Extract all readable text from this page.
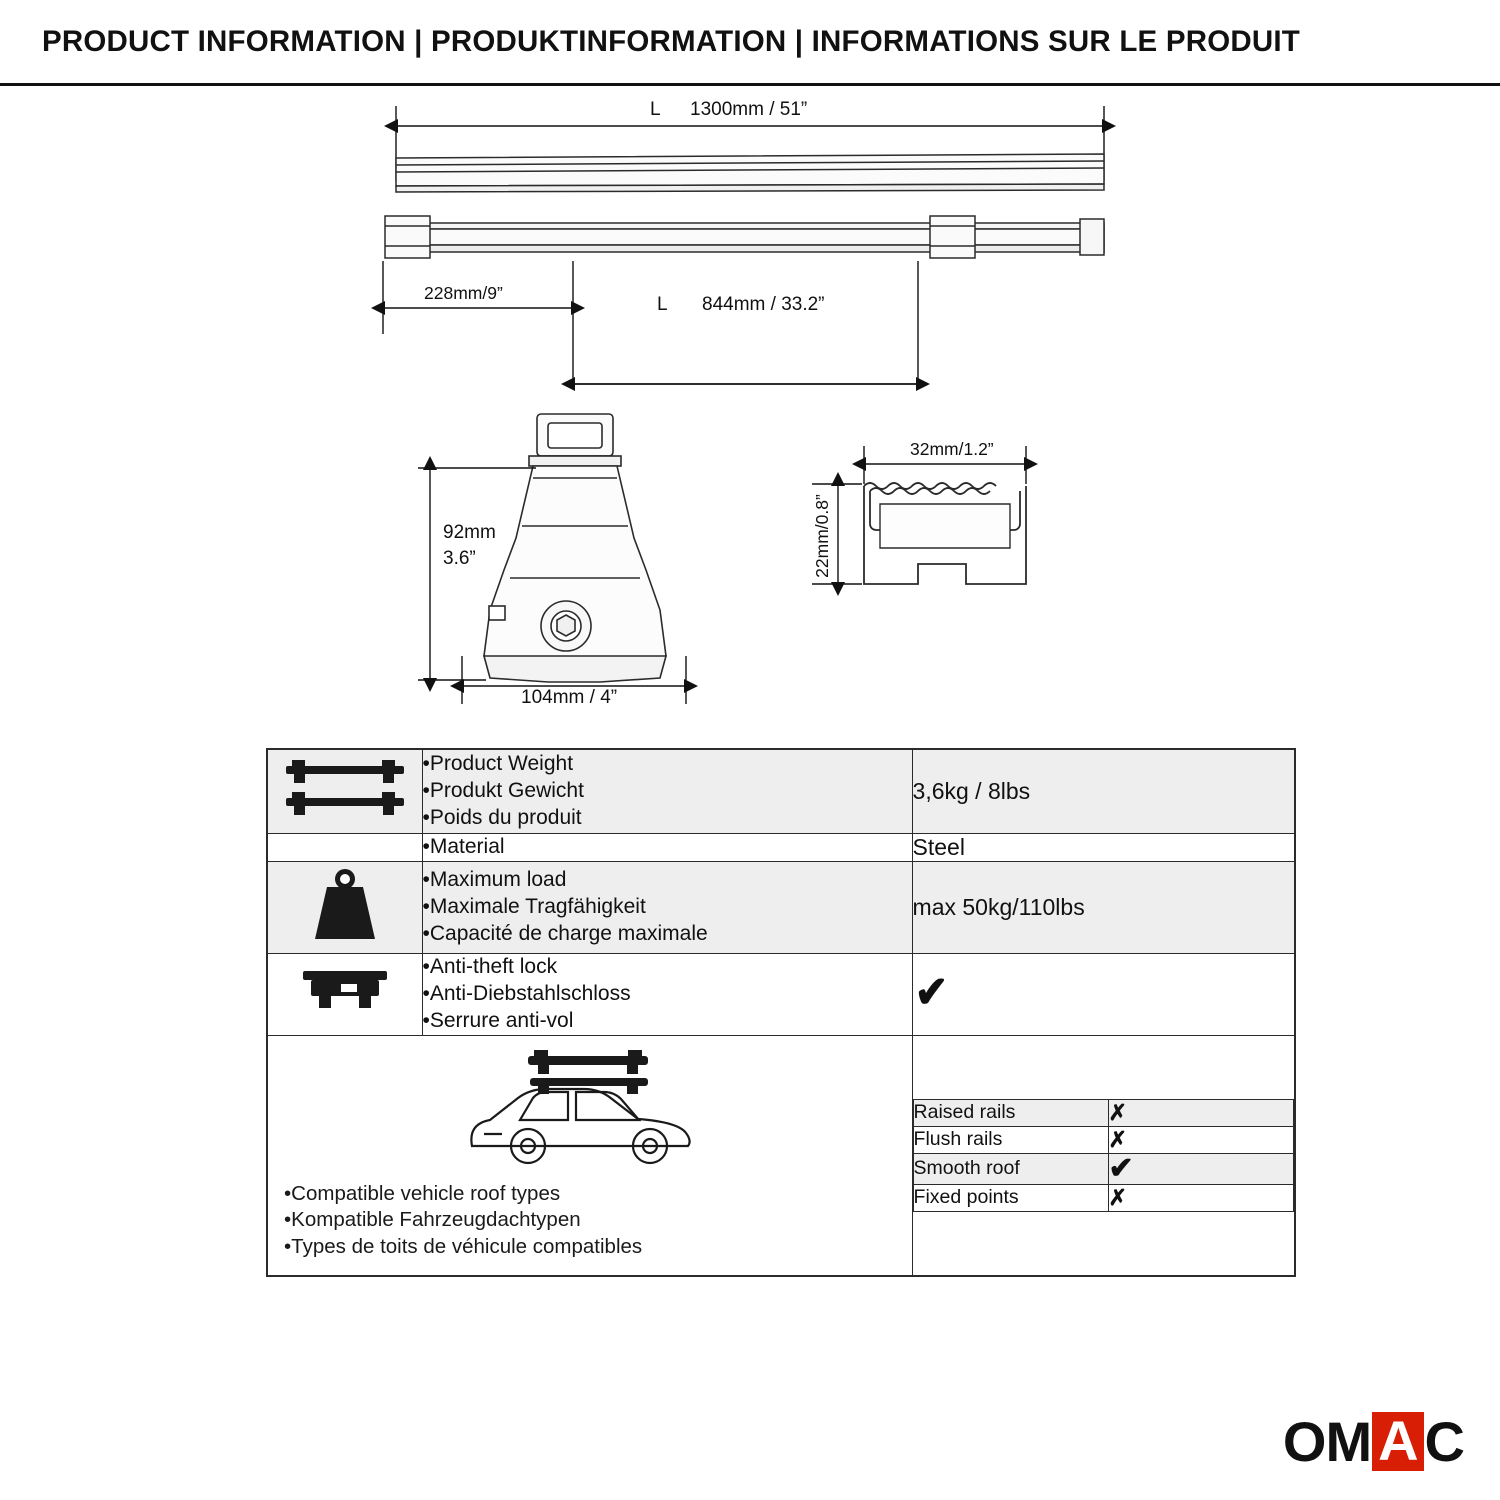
PRODUCT INFORMATION | PRODUKTINFORMATION | INFORMATIONS SUR LE PRODUIT
L 1300mm / 51”
228mm/9”
L 844mm / 33.2”
92mm
3.6”
104mm / 4”
32mm/1.2”
22mm/0.8”

•Product Weight
•Produkt Gewicht
•Poids du produit
	3,6kg / 8lbs

•Material	Steel

•Maximum load
•Maximale Tragfähigkeit
•Capacité de charge maximale
	max 50kg/110lbs

•Anti-theft lock
•Anti-Diebstahlschloss
•Serrure anti-vol
	✔

•Compatible vehicle roof types
•Kompatible Fahrzeugdachtypen
•Types de toits de véhicule compatibles

Raised rails	✗
Flush rails	✗
Smooth roof	✔
Fixed points	✗
O M A C
